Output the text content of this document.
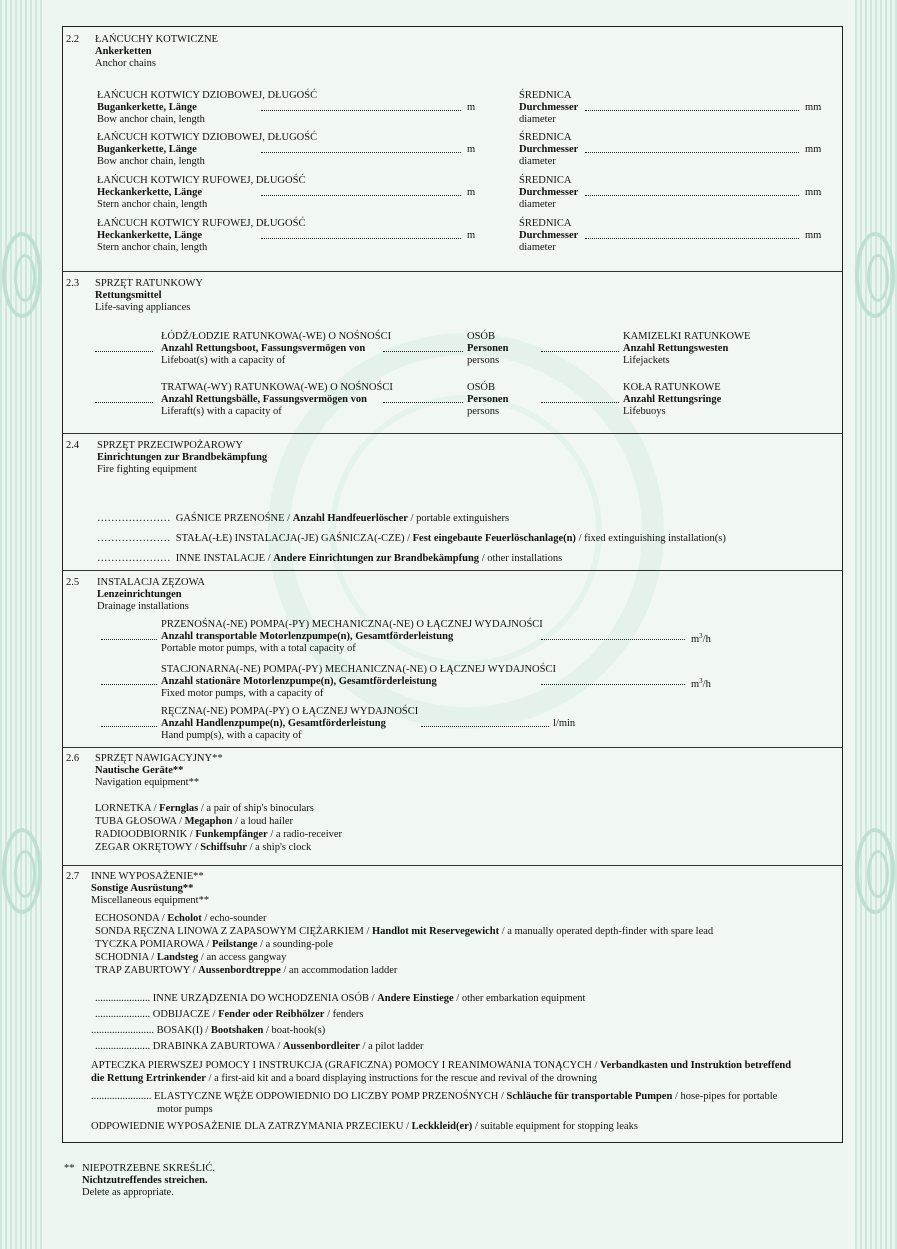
2.2 ŁAŃCUCHY KOTWICZNE
Ankerketten
Anchor chains
ŁAŃCUCH KOTWICY DZIOBOWEJ, DŁUGOŚĆ
Bugankerkette, Länge
Bow anchor chain, length
m
ŚREDNICA
Durchmesser
diameter
mm
ŁAŃCUCH KOTWICY DZIOBOWEJ, DŁUGOŚĆ
Bugankerkette, Länge
Bow anchor chain, length
m
ŚREDNICA
Durchmesser
diameter
mm
ŁAŃCUCH KOTWICY RUFOWEJ, DŁUGOŚĆ
Heckankerkette, Länge
Stern anchor chain, length
m
ŚREDNICA
Durchmesser
diameter
mm
ŁAŃCUCH KOTWICY RUFOWEJ, DŁUGOŚĆ
Heckankerkette, Länge
Stern anchor chain, length
m
ŚREDNICA
Durchmesser
diameter
mm
2.3 SPRZĘT RATUNKOWY
Rettungsmittel
Life-saving appliances
ŁÓDŹ/ŁODZIE RATUNKOWA(-WE) O NOŚNOŚCI
Anzahl Rettungsboot, Fassungsvermögen von
Lifeboat(s) with a capacity of
OSÓB
Personen
persons
KAMIZELKI RATUNKOWE
Anzahl Rettungswesten
Lifejackets
TRATWA(-WY) RATUNKOWA(-WE) O NOŚNOŚCI
Anzahl Rettungsbälle, Fassungsvermögen von
Liferaft(s) with a capacity of
OSÓB
Personen
persons
KOŁA RATUNKOWE
Anzahl Rettungsringe
Lifebuoys
2.4 SPRZĘT PRZECIWPOŻAROWY
Einrichtungen zur Brandbekämpfung
Fire fighting equipment
………………… GAŚNICE PRZENOŚNE / Anzahl Handfeuerlöscher / portable extinguishers
………………… STAŁA(-ŁE) INSTALACJA(-JE) GAŚNICZA(-CZE) / Fest eingebaute Feuerlöschanlage(n) / fixed extinguishing installation(s)
………………… INNE INSTALACJE / Andere Einrichtungen zur Brandbekämpfung / other installations
2.5 INSTALACJA ZĘZOWA
Lenzeinrichtungen
Drainage installations
PRZENOŚNA(-NE) POMPA(-PY) MECHANICZNA(-NE) O ŁĄCZNEJ WYDAJNOŚCI
Anzahl transportable Motorlenzpumpe(n), Gesamtförderleistung
Portable motor pumps, with a total capacity of
$m^3/h$
STACJONARNA(-NE) POMPA(-PY) MECHANICZNA(-NE) O ŁĄCZNEJ WYDAJNOŚCI
Anzahl stationäre Motorlenzpumpe(n), Gesamtförderleistung
Fixed motor pumps, with a capacity of
$m^3/h$
RĘCZNA(-NE) POMPA(-PY) O ŁĄCZNEJ WYDAJNOŚCI
Anzahl Handlenzpumpe(n), Gesamtförderleistung
Hand pump(s), with a capacity of
l/min
2.6 SPRZĘT NAWIGACYJNY**
Nautische Geräte**
Navigation equipment**
LORNETKA / Fernglas / a pair of ship's binoculars
TUBA GŁOSOWA / Megaphon / a loud hailer
RADIOODBIORNIK / Funkempfänger / a radio-receiver
ZEGAR OKRĘTOWY / Schiffsuhr / a ship's clock
2.7 INNE WYPOSAŻENIE**
Sonstige Ausrüstung**
Miscellaneous equipment**
ECHOSONDA / Echolot / echo-sounder
SONDA RĘCZNA LINOWA Z ZAPASOWYM CIĘŻARKIEM / Handlot mit Reservegewicht / a manually operated depth-finder with spare lead
TYCZKA POMIAROWA / Peilstange / a sounding-pole
SCHODNIA / Landsteg / an access gangway
TRAP ZABURTOWY / Aussenbordtreppe / an accommodation ladder
..................... INNE URZĄDZENIA DO WCHODZENIA OSÓB / Andere Einstiege / other embarkation equipment
..................... ODBIJACZE / Fender oder Reibhölzer / fenders
........................ BOSAK(I) / Bootshaken / boat-hook(s)
..................... DRABINKA ZABURTOWA / Aussenbordleiter / a pilot ladder
APTECZKA PIERWSZEJ POMOCY I INSTRUKCJA (GRAFICZNA) POMOCY I REANIMOWANIA TONĄCYCH / Verbandkasten und Instruktion betreffend
die Rettung Ertrinkender / a first-aid kit and a board displaying instructions for the rescue and revival of the drowning
....................... ELASTYCZNE WĘŻE ODPOWIEDNIO DO LICZBY POMP PRZENOŚNYCH / Schläuche für transportable Pumpen / hose-pipes for portable
motor pumps
ODPOWIEDNIE WYPOSAŻENIE DLA ZATRZYMANIA PRZECIEKU / Leckkleid(er) / suitable equipment for stopping leaks
** NIEPOTRZEBNE SKREŚLIĆ.
Nichtzutreffendes streichen.
Delete as appropriate.
